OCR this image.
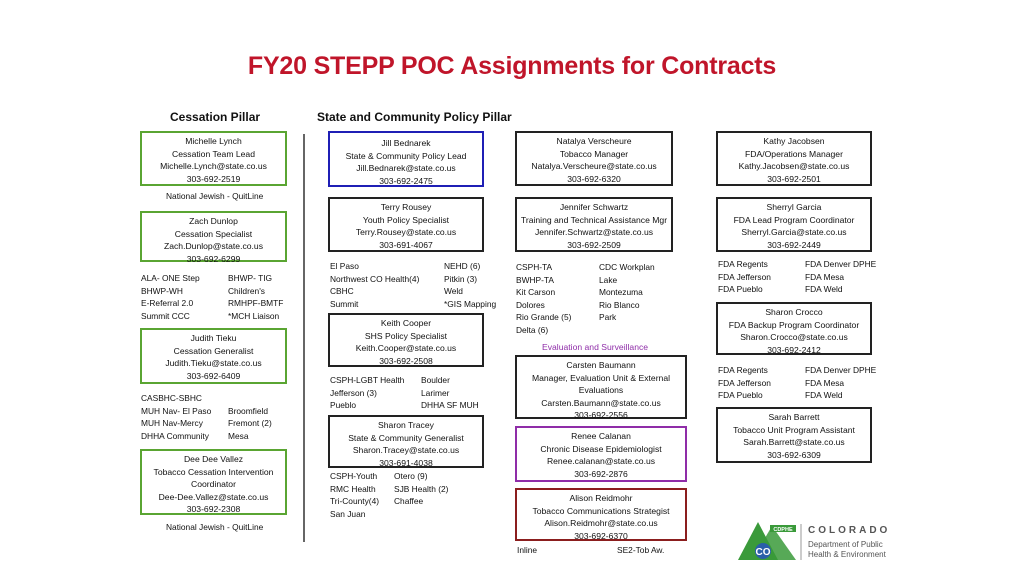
FY20 STEPP POC Assignments for Contracts
Cessation Pillar	State and Community Policy Pillar
Michelle Lynch
Cessation Team Lead
Michelle.Lynch@state.co.us
303-692-2519
National Jewish - QuitLine
Zach Dunlop
Cessation Specialist
Zach.Dunlop@state.co.us
303-692-6299
ALA- ONE Step	BHWP- TIG
BHWP-WH	Children's
E-Referral 2.0	RMHPF-BMTF
Summit CCC	*MCH Liaison
Judith Tieku
Cessation Generalist
Judith.Tieku@state.co.us
303-692-6409
CASBHC-SBHC
MUH Nav- El Paso	Broomfield
MUH Nav-Mercy	Fremont (2)
DHHA Community	Mesa
Dee Dee Vallez
Tobacco Cessation Intervention
Coordinator
Dee-Dee.Vallez@state.co.us
303-692-2308
National Jewish - QuitLine
Jill Bednarek
State & Community Policy Lead
Jill.Bednarek@state.co.us
303-692-2475
Terry Rousey
Youth Policy Specialist
Terry.Rousey@state.co.us
303-691-4067
El Paso	NEHD (6)
Northwest CO Health(4)	Pitkin (3)
CBHC	Weld
Summit	*GIS Mapping
Keith Cooper
SHS Policy Specialist
Keith.Cooper@state.co.us
303-692-2508
CSPH-LGBT Health	Boulder
Jefferson (3)	Larimer
Pueblo	DHHA SF MUH
Sharon Tracey
State & Community Generalist
Sharon.Tracey@state.co.us
303-691-4038
CSPH-Youth	Otero (9)
RMC Health	SJB Health (2)
Tri-County(4)	Chaffee
San Juan
Natalya Verscheure
Tobacco Manager
Natalya.Verscheure@state.co.us
303-692-6320
Jennifer Schwartz
Training and Technical Assistance Mgr
Jennifer.Schwartz@state.co.us
303-692-2509
CSPH-TA	CDC Workplan
BWHP-TA	Lake
Kit Carson	Montezuma
Dolores	Rio Blanco
Rio Grande (5)	Park
Delta (6)
Evaluation and Surveillance
Carsten Baumann
Manager, Evaluation Unit & External
Evaluations
Carsten.Baumann@state.co.us
303-692-2556
Renee Calanan
Chronic Disease Epidemiologist
Renee.calanan@state.co.us
303-692-2876
Alison Reidmohr
Tobacco Communications Strategist
Alison.Reidmohr@state.co.us
303-692-6370
Inline	SE2-Tob Aw.
Kathy Jacobsen
FDA/Operations Manager
Kathy.Jacobsen@state.co.us
303-692-2501
Sherryl Garcia
FDA Lead Program Coordinator
Sherryl.Garcia@state.co.us
303-692-2449
FDA Regents	FDA Denver DPHE
FDA Jefferson	FDA Mesa
FDA Pueblo	FDA Weld
Sharon Crocco
FDA Backup Program Coordinator
Sharon.Crocco@state.co.us
303-692-2412
FDA Regents	FDA Denver DPHE
FDA Jefferson	FDA Mesa
FDA Pueblo	FDA Weld
Sarah Barrett
Tobacco Unit Program Assistant
Sarah.Barrett@state.co.us
303-692-6309
CDPHE
CO
COLORADO
Department of Public
Health & Environment
